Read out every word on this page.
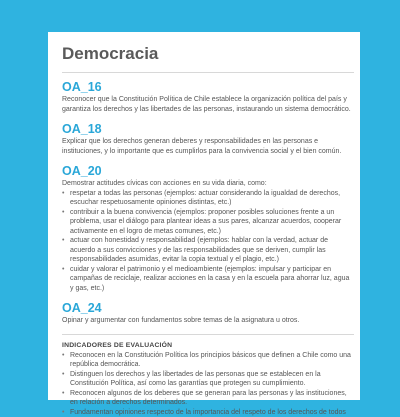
Democracia
OA_16

Reconocer que la Constitución Política de Chile establece la organización política del país y garantiza los derechos y las libertades de las personas, instaurando un sistema democrático.

OA_18

Explicar que los derechos generan deberes y responsabilidades en las personas e instituciones, y lo importante que es cumplirlos para la convivencia social y el bien común.

OA_20

Demostrar actitudes cívicas con acciones en su vida diaria, como:

• respetar a todas las personas (ejemplos: actuar considerando la igualdad de derechos, escuchar respetuosamente opiniones distintas, etc.)
• contribuir a la buena convivencia (ejemplos: proponer posibles soluciones frente a un problema, usar el diálogo para plantear ideas a sus pares, alcanzar acuerdos, cooperar activamente en el logro de metas comunes, etc.)
• actuar con honestidad y responsabilidad (ejemplos: hablar con la verdad, actuar de acuerdo a sus convicciones y de las responsabilidades que se deriven, cumplir las responsabilidades asumidas, evitar la copia textual y el plagio, etc.)
• cuidar y valorar el patrimonio y el medioambiente (ejemplos: impulsar y participar en campañas de reciclaje, realizar acciones en la casa y en la escuela para ahorrar luz, agua y gas, etc.)
OA_24

Opinar y argumentar con fundamentos sobre temas de la asignatura u otros.

INDICADORES DE EVALUACIÓN
• Reconocen en la Constitución Política los principios básicos que definen a Chile como una república democrática.
• Distinguen los derechos y las libertades de las personas que se establecen en la Constitución Política, así como las garantías que protegen su cumplimiento.
• Reconocen algunos de los deberes que se generan para las personas y las instituciones, en relación a derechos determinados.
• Fundamentan opiniones respecto de la importancia del respeto de los derechos de todos
